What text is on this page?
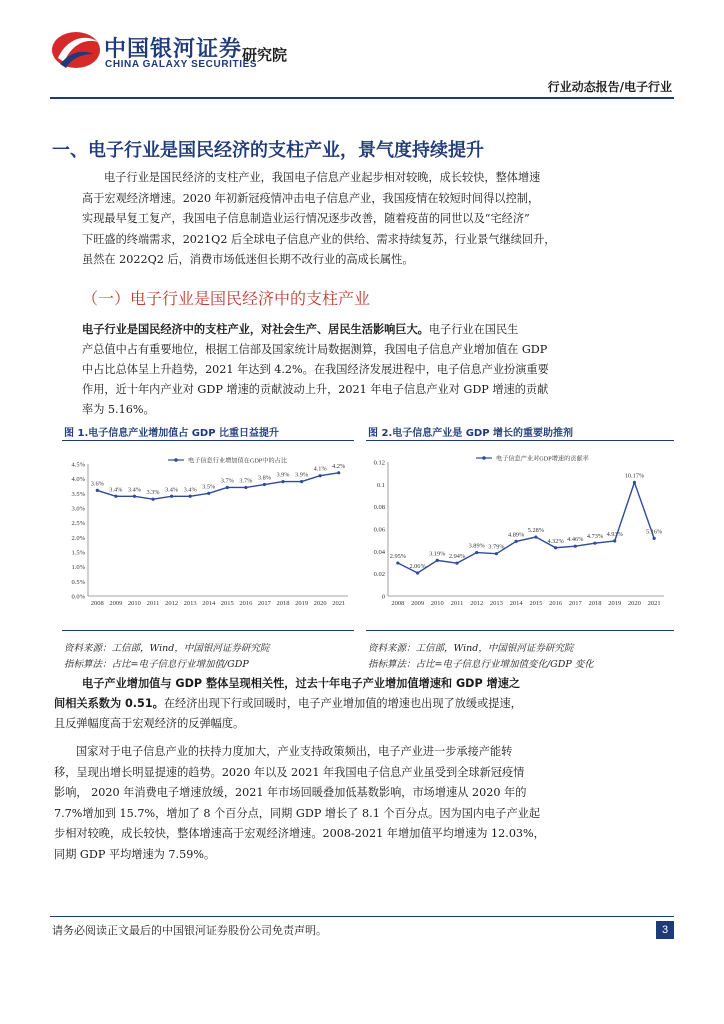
中国银河证券
CHINA GALAXY SECURITIES
研究院
行业动态报告/电子行业
一、电子行业是国民经济的支柱产业，景气度持续提升
电子行业是国民经济的支柱产业，我国电子信息产业起步相对较晚，成长较快，整体增速
高于宏观经济增速。2020 年初新冠疫情冲击电子信息产业，我国疫情在较短时间得以控制，
实现最早复工复产，我国电子信息制造业运行情况逐步改善，随着疫苗的同世以及“宅经济”
下旺盛的终端需求，2021Q2 后全球电子信息产业的供给、需求持续复苏，行业景气继续回升，
虽然在 2022Q2 后，消费市场低迷但长期不改行业的高成长属性。
（一）电子行业是国民经济中的支柱产业
电子行业是国民经济中的支柱产业，对社会生产、居民生活影响巨大。电子行业在国民生
产总值中占有重要地位，根据工信部及国家统计局数据测算，我国电子信息产业增加值在 GDP
中占比总体呈上升趋势，2021 年达到 4.2%。在我国经济发展进程中，电子信息产业扮演重要
作用，近十年内产业对 GDP 增速的贡献波动上升，2021 年电子信息产业对 GDP 增速的贡献
率为 5.16%。
图 1.电子信息产业增加值占 GDP 比重日益提升	图 2.电子信息产业是 GDP 增长的重要助推剂
0.0%
0.5%
1.0%
1.5%
2.0%
2.5%
3.0%
3.5%
4.0%
4.5%
2008 2009 2010 2011 2012 2013 2014 2015 2016 2017 2018 2019 2020 2021
电子信息行业增加值在GDP中的占比
3.6%
3.4% 3.4% 3.3% 3.4% 3.4% 3.5%
3.7% 3.7% 3.8% 3.9% 3.9%
4.1% 4.2%
0
0.02
0.04
0.06
0.08
0.1
0.12
2008 2009 2010 2011 2012 2013 2014 2015 2016 2017 2018 2019 2020 2021
电子信息产业对GDP增速的贡献率
2.95%
2.06%
3.19% 2.94%
3.89% 3.79%
4.89%
5.28%
4.32% 4.46% 4.73% 4.93%
10.17%
5.16%
资料来源：工信部，Wind，中国银河证券研究院
指标算法：占比=电子信息行业增加值/GDP
资料来源：工信部，Wind，中国银河证券研究院
指标算法：占比=电子信息行业增加值变化/GDP 变化
电子产业增加值与 GDP 整体呈现相关性，过去十年电子产业增加值增速和 GDP 增速之
间相关系数为 0.51。在经济出现下行或回暖时，电子产业增加值的增速也出现了放缓或提速，
且反弹幅度高于宏观经济的反弹幅度。
国家对于电子信息产业的扶持力度加大，产业支持政策频出，电子产业进一步承接产能转
移，呈现出增长明显提速的趋势。2020 年以及 2021 年我国电子信息产业虽受到全球新冠疫情
影响， 2020 年消费电子增速放缓，2021 年市场回暖叠加低基数影响，市场增速从 2020 年的
7.7%增加到 15.7%，增加了 8 个百分点，同期 GDP 增长了 8.1 个百分点。因为国内电子产业起
步相对较晚，成长较快，整体增速高于宏观经济增速。2008-2021 年增加值平均增速为 12.03%，
同期 GDP 平均增速为 7.59%。
请务必阅读正文最后的中国银河证券股份公司免责声明。	3
